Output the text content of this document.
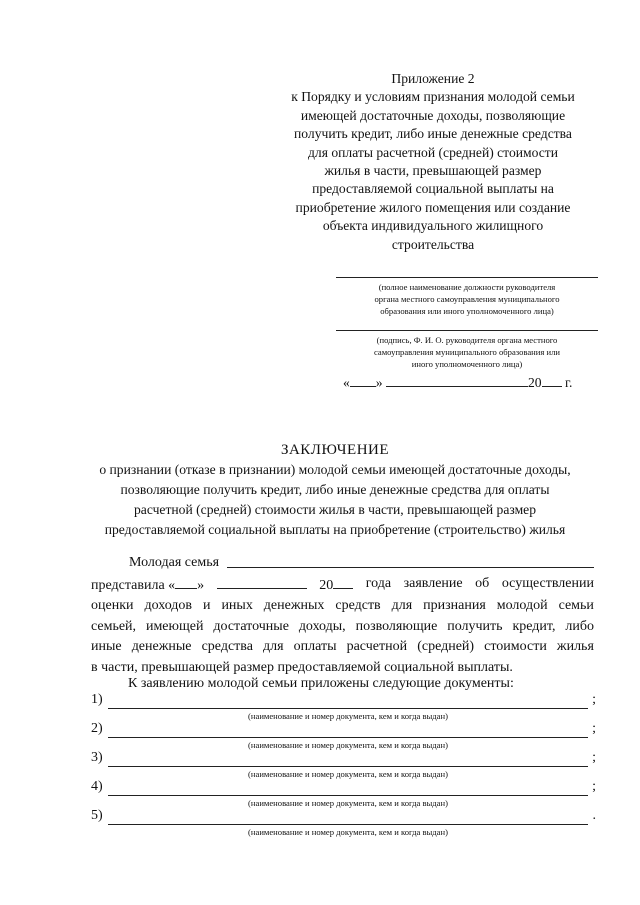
Приложение 2
к Порядку и условиям признания молодой семьи
имеющей достаточные доходы, позволяющие
получить кредит, либо иные денежные средства
для оплаты расчетной (средней) стоимости
жилья в части, превышающей размер
предоставляемой социальной выплаты на
приобретение жилого помещения или создание
объекта индивидуального жилищного
строительства
(полное наименование должности руководителя
органа местного самоуправления муниципального
образования или иного уполномоченного лица)
(подпись, Ф. И. О. руководителя органа местного
самоуправления муниципального образования или
иного уполномоченного лица)
« »	20 г.
ЗАКЛЮЧЕНИЕ
о признании (отказе в признании) молодой семьи имеющей достаточные доходы,
позволяющие получить кредит, либо иные денежные средства для оплаты
расчетной (средней) стоимости жилья в части, превышающей размер
предоставляемой социальной выплаты на приобретение (строительство) жилья
Молодая семья
представила « »	20	года заявление об осуществлении
оценки доходов и иных денежных средств для признания молодой семьи
семьей, имеющей достаточные доходы, позволяющие получить кредит, либо
иные денежные средства для оплаты расчетной (средней) стоимости жилья
в части, превышающей размер предоставляемой социальной выплаты.
К заявлению молодой семьи приложены следующие документы:
1)	;
(наименование и номер документа, кем и когда выдан)
2)	;
(наименование и номер документа, кем и когда выдан)
3)	;
(наименование и номер документа, кем и когда выдан)
4)	;
(наименование и номер документа, кем и когда выдан)
5)	.
(наименование и номер документа, кем и когда выдан)
